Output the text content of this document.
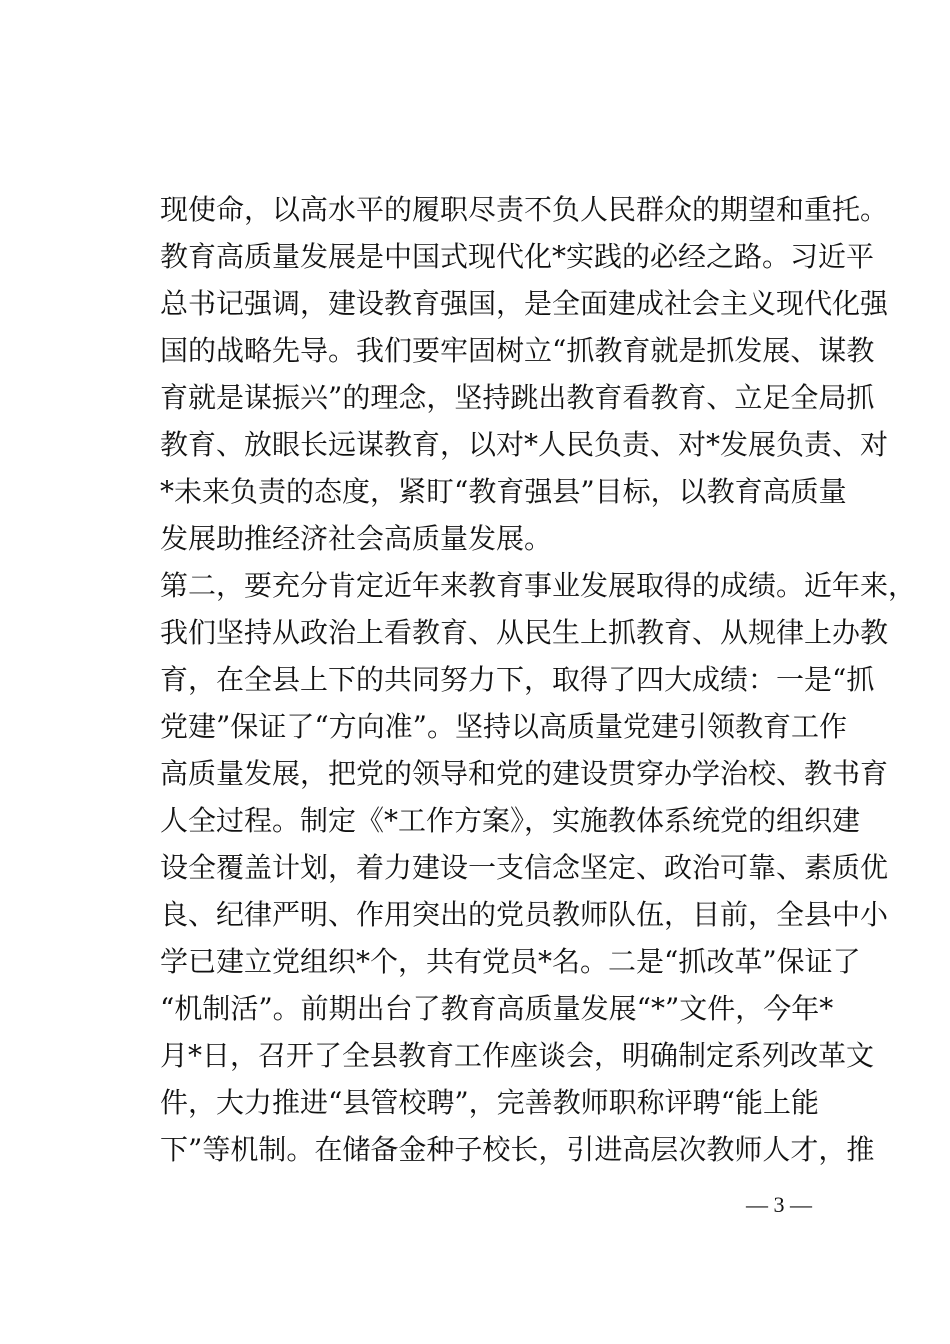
现使命，以高水平的履职尽责不负人民群众的期望和重托。
教育高质量发展是中国式现代化*实践的必经之路。习近平
总书记强调，建设教育强国，是全面建成社会主义现代化强
国的战略先导。我们要牢固树立“抓教育就是抓发展、谋教
育就是谋振兴”的理念，坚持跳出教育看教育、立足全局抓
教育、放眼长远谋教育，以对*人民负责、对*发展负责、对
*未来负责的态度，紧盯“教育强县”目标，以教育高质量
发展助推经济社会高质量发展。
第二，要充分肯定近年来教育事业发展取得的成绩。近年来，
我们坚持从政治上看教育、从民生上抓教育、从规律上办教
育，在全县上下的共同努力下，取得了四大成绩：一是“抓
党建”保证了“方向准”。坚持以高质量党建引领教育工作
高质量发展，把党的领导和党的建设贯穿办学治校、教书育
人全过程。制定《*工作方案》，实施教体系统党的组织建
设全覆盖计划，着力建设一支信念坚定、政治可靠、素质优
良、纪律严明、作用突出的党员教师队伍，目前，全县中小
学已建立党组织*个，共有党员*名。二是“抓改革”保证了
“机制活”。前期出台了教育高质量发展“*”文件，今年*
月*日，召开了全县教育工作座谈会，明确制定系列改革文
件，大力推进“县管校聘”，完善教师职称评聘“能上能
下”等机制。在储备金种子校长，引进高层次教师人才，推
— 3 —
